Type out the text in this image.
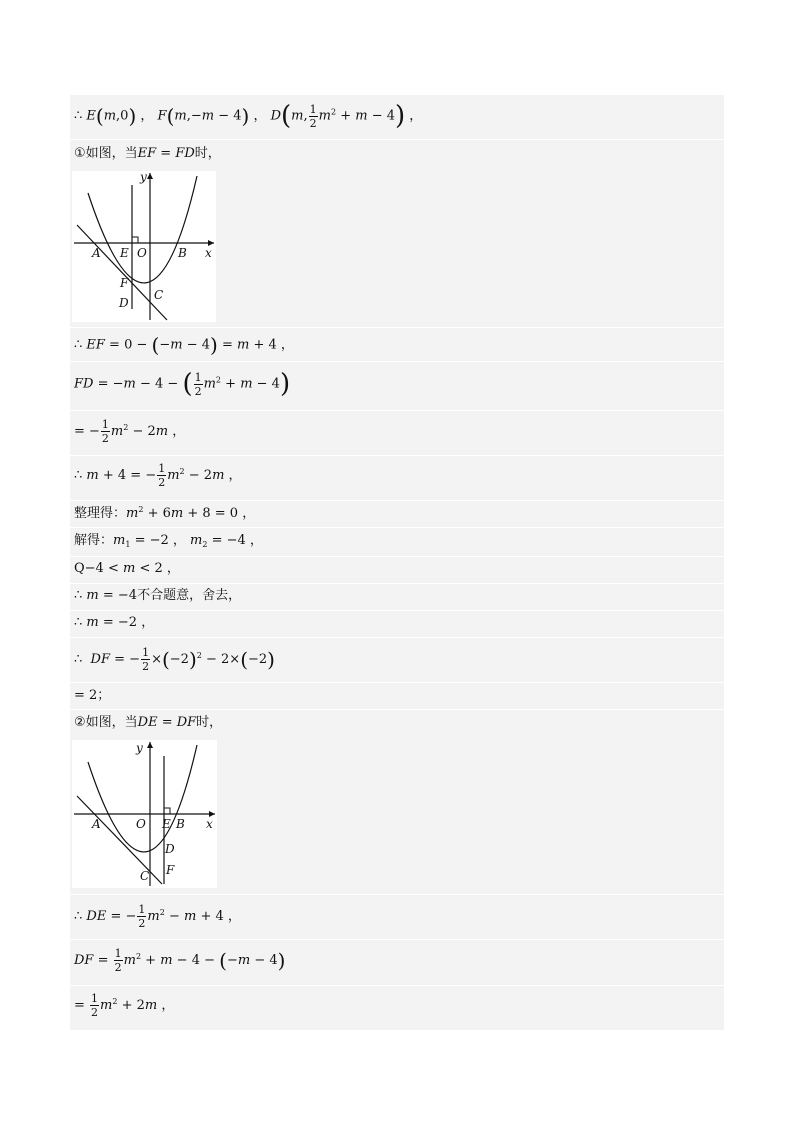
∴ E(m,0) ， F(m,−m − 4) ， D(m, $\frac{1}{2} m^2 + m - 4$) ，
①如图，当EF = FD时，
y
A E O	B x
F
D
C
∴ EF = 0 − (−m − 4) = m + 4 ，
FD = −m − 4 − ( $\frac{1}{2} m^2 + m - 4$)
= − $\frac{1}{2} m^2 - 2m$ ，
∴ m + 4 = − $\frac{1}{2} m^2 - 2m$ ，
整理得：$m^2 + 6m + 8 = 0$ ，
解得：$m_1 = -2$ ， $m_2 = -4$ ，
Q−4 < m < 2 ，
∴ m = −4不合题意，舍去，
∴ m = −2 ，
∴  DF = − $\frac{1}{2} \times(-2)^2 - 2\times(-2)$
= 2；
②如图，当DE = DF时，
y
A	O E B x
D
C F
∴ DE = − $\frac{1}{2} m^2 - m + 4$ ，
DF = $\frac{1}{2} m^2 + m - 4 - (-m - 4)$
= $\frac{1}{2} m^2 + 2m$ ，
